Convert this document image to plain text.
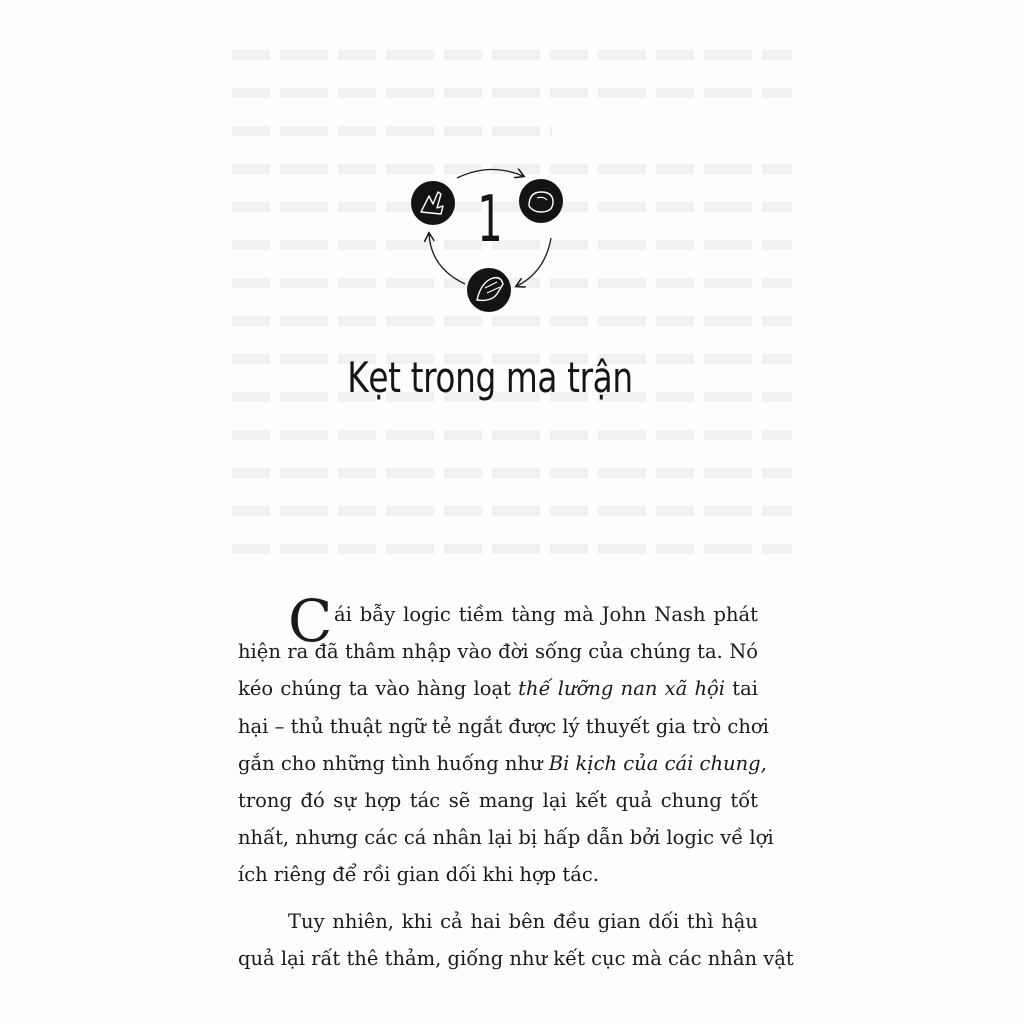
1
Kẹt trong ma trận
C ái bẫy logic tiềm tàng mà John Nash phát
hiện ra đã thâm nhập vào đời sống của chúng ta. Nó
kéo chúng ta vào hàng loạt thế lưỡng nan xã hội tai
hại – thủ thuật ngữ tẻ ngắt được lý thuyết gia trò chơi
gắn cho những tình huống như Bi kịch của cái chung,
trong đó sự hợp tác sẽ mang lại kết quả chung tốt
nhất, nhưng các cá nhân lại bị hấp dẫn bởi logic về lợi
ích riêng để rồi gian dối khi hợp tác.
Tuy nhiên, khi cả hai bên đều gian dối thì hậu
quả lại rất thê thảm, giống như kết cục mà các nhân vật
